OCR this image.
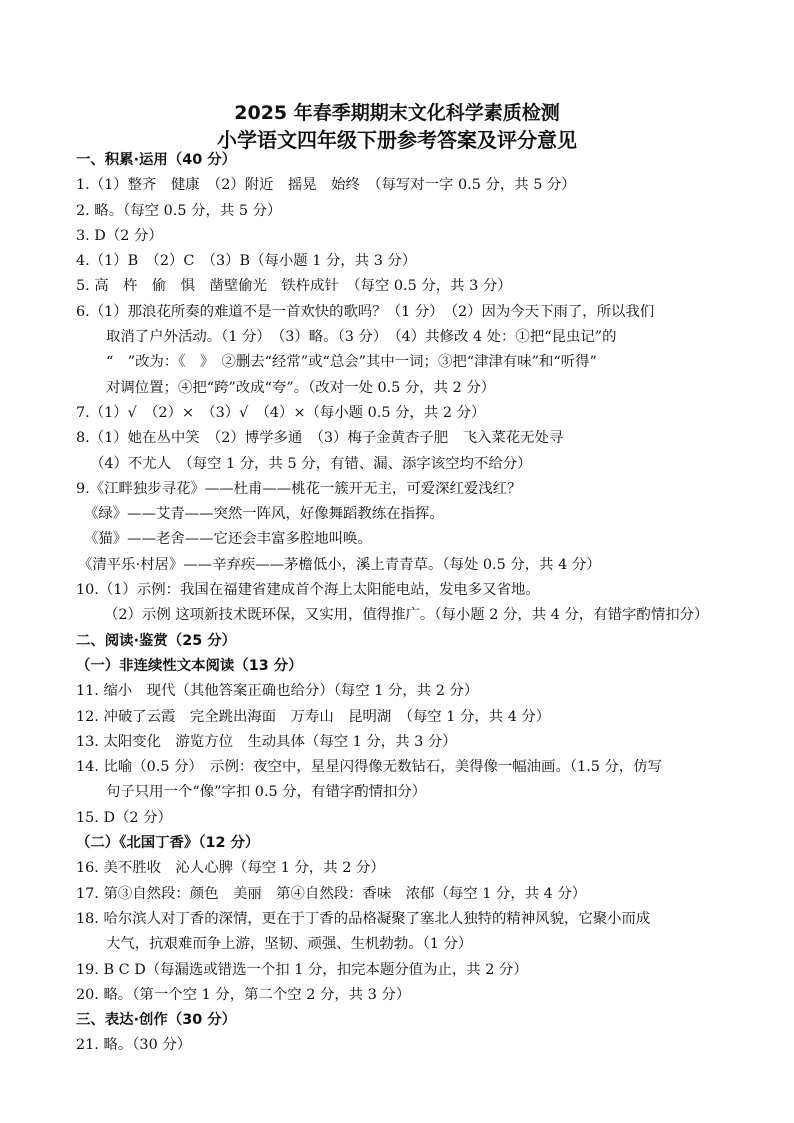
2025 年春季期期末文化科学素质检测
小学语文四年级下册参考答案及评分意见
一、积累·运用（40 分）
1.（1）整齐　健康　（2）附近　摇晃　始终　（每写对一字 0.5 分，共 5 分）
2. 略。（每空 0.5 分，共 5 分）
3. D（2 分）
4.（1）B　（2）C　（3）B（每小题 1 分，共 3 分）
5. 高　杵　偷　惧　凿壁偷光　铁杵成针　（每空 0.5 分，共 3 分）
6.（1）那浪花所奏的难道不是一首欢快的歌吗？（1 分）　（2）因为今天下雨了，所以我们
取消了户外活动。（1 分）　（3）略。（3 分）　（4）共修改 4 处：①把“昆虫记”的
“　”改为：《　》　②删去“经常”或“总会”其中一词；③把“津津有味”和“听得”
对调位置；④把“跨”改成“夸”。（改对一处 0.5 分，共 2 分）
7.（1）√　（2）×　（3）√　（4）×（每小题 0.5 分，共 2 分）
8.（1）她在丛中笑　（2）博学多通　（3）梅子金黄杏子肥　飞入菜花无处寻
（4）不尤人　（每空 1 分，共 5 分，有错、漏、添字该空均不给分）
9.《江畔独步寻花》——杜甫——桃花一簇开无主，可爱深红爱浅红？
《绿》——艾青——突然一阵风，好像舞蹈教练在指挥。
《猫》——老舍——它还会丰富多腔地叫唤。
《清平乐·村居》——辛弃疾——茅檐低小，溪上青青草。（每处 0.5 分，共 4 分）
10.（1）示例：我国在福建省建成首个海上太阳能电站，发电多又省地。
（2）示例 这项新技术既环保，又实用，值得推广。（每小题 2 分，共 4 分，有错字酌情扣分）
二、阅读·鉴赏（25 分）
（一）非连续性文本阅读（13 分）
11. 缩小　现代（其他答案正确也给分）（每空 1 分，共 2 分）
12. 冲破了云霞　完全跳出海面　万寿山　昆明湖　（每空 1 分，共 4 分）
13. 太阳变化　游览方位　生动具体（每空 1 分，共 3 分）
14. 比喻（0.5 分）　示例：夜空中，星星闪得像无数钻石，美得像一幅油画。（1.5 分，仿写
句子只用一个“像”字扣 0.5 分，有错字酌情扣分）
15. D（2 分）
（二）《北国丁香》（12 分）
16. 美不胜收　沁人心脾（每空 1 分，共 2 分）
17. 第③自然段：颜色　美丽　第④自然段：香味　浓郁（每空 1 分，共 4 分）
18. 哈尔滨人对丁香的深情，更在于丁香的品格凝聚了塞北人独特的精神风貌，它聚小而成
大气，抗艰难而争上游，坚韧、顽强、生机勃勃。（1 分）
19. B C D（每漏选或错选一个扣 1 分，扣完本题分值为止，共 2 分）
20. 略。（第一个空 1 分，第二个空 2 分，共 3 分）
三、表达·创作（30 分）
21. 略。（30 分）
